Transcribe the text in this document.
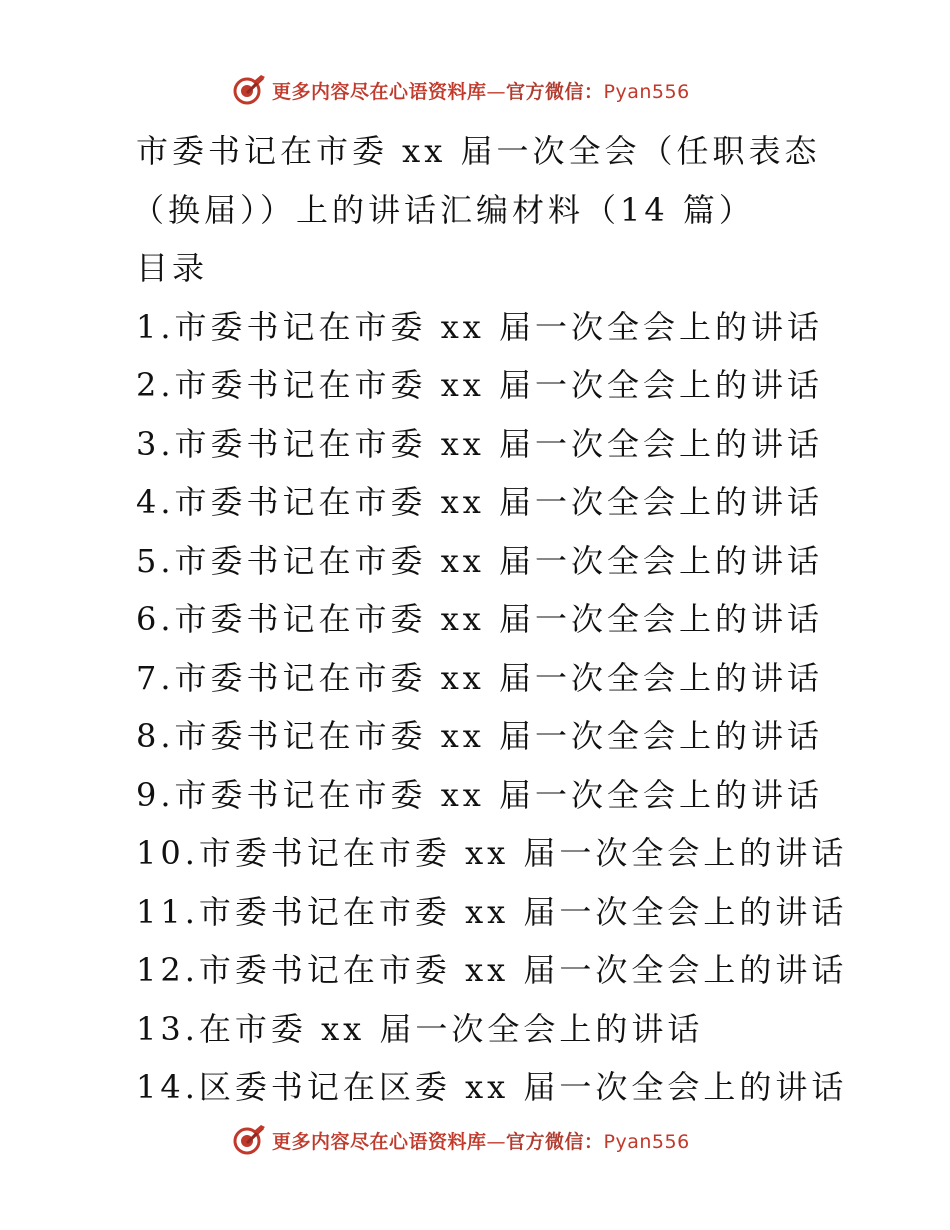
更多内容尽在心语资料库—官方微信：Pyan556
市委书记在市委 xx 届一次全会（任职表态
（换届））上的讲话汇编材料（14 篇）
目录
1.市委书记在市委 xx 届一次全会上的讲话
2.市委书记在市委 xx 届一次全会上的讲话
3.市委书记在市委 xx 届一次全会上的讲话
4.市委书记在市委 xx 届一次全会上的讲话
5.市委书记在市委 xx 届一次全会上的讲话
6.市委书记在市委 xx 届一次全会上的讲话
7.市委书记在市委 xx 届一次全会上的讲话
8.市委书记在市委 xx 届一次全会上的讲话
9.市委书记在市委 xx 届一次全会上的讲话
10.市委书记在市委 xx 届一次全会上的讲话
11.市委书记在市委 xx 届一次全会上的讲话
12.市委书记在市委 xx 届一次全会上的讲话
13.在市委 xx 届一次全会上的讲话
14.区委书记在区委 xx 届一次全会上的讲话
更多内容尽在心语资料库—官方微信：Pyan556
